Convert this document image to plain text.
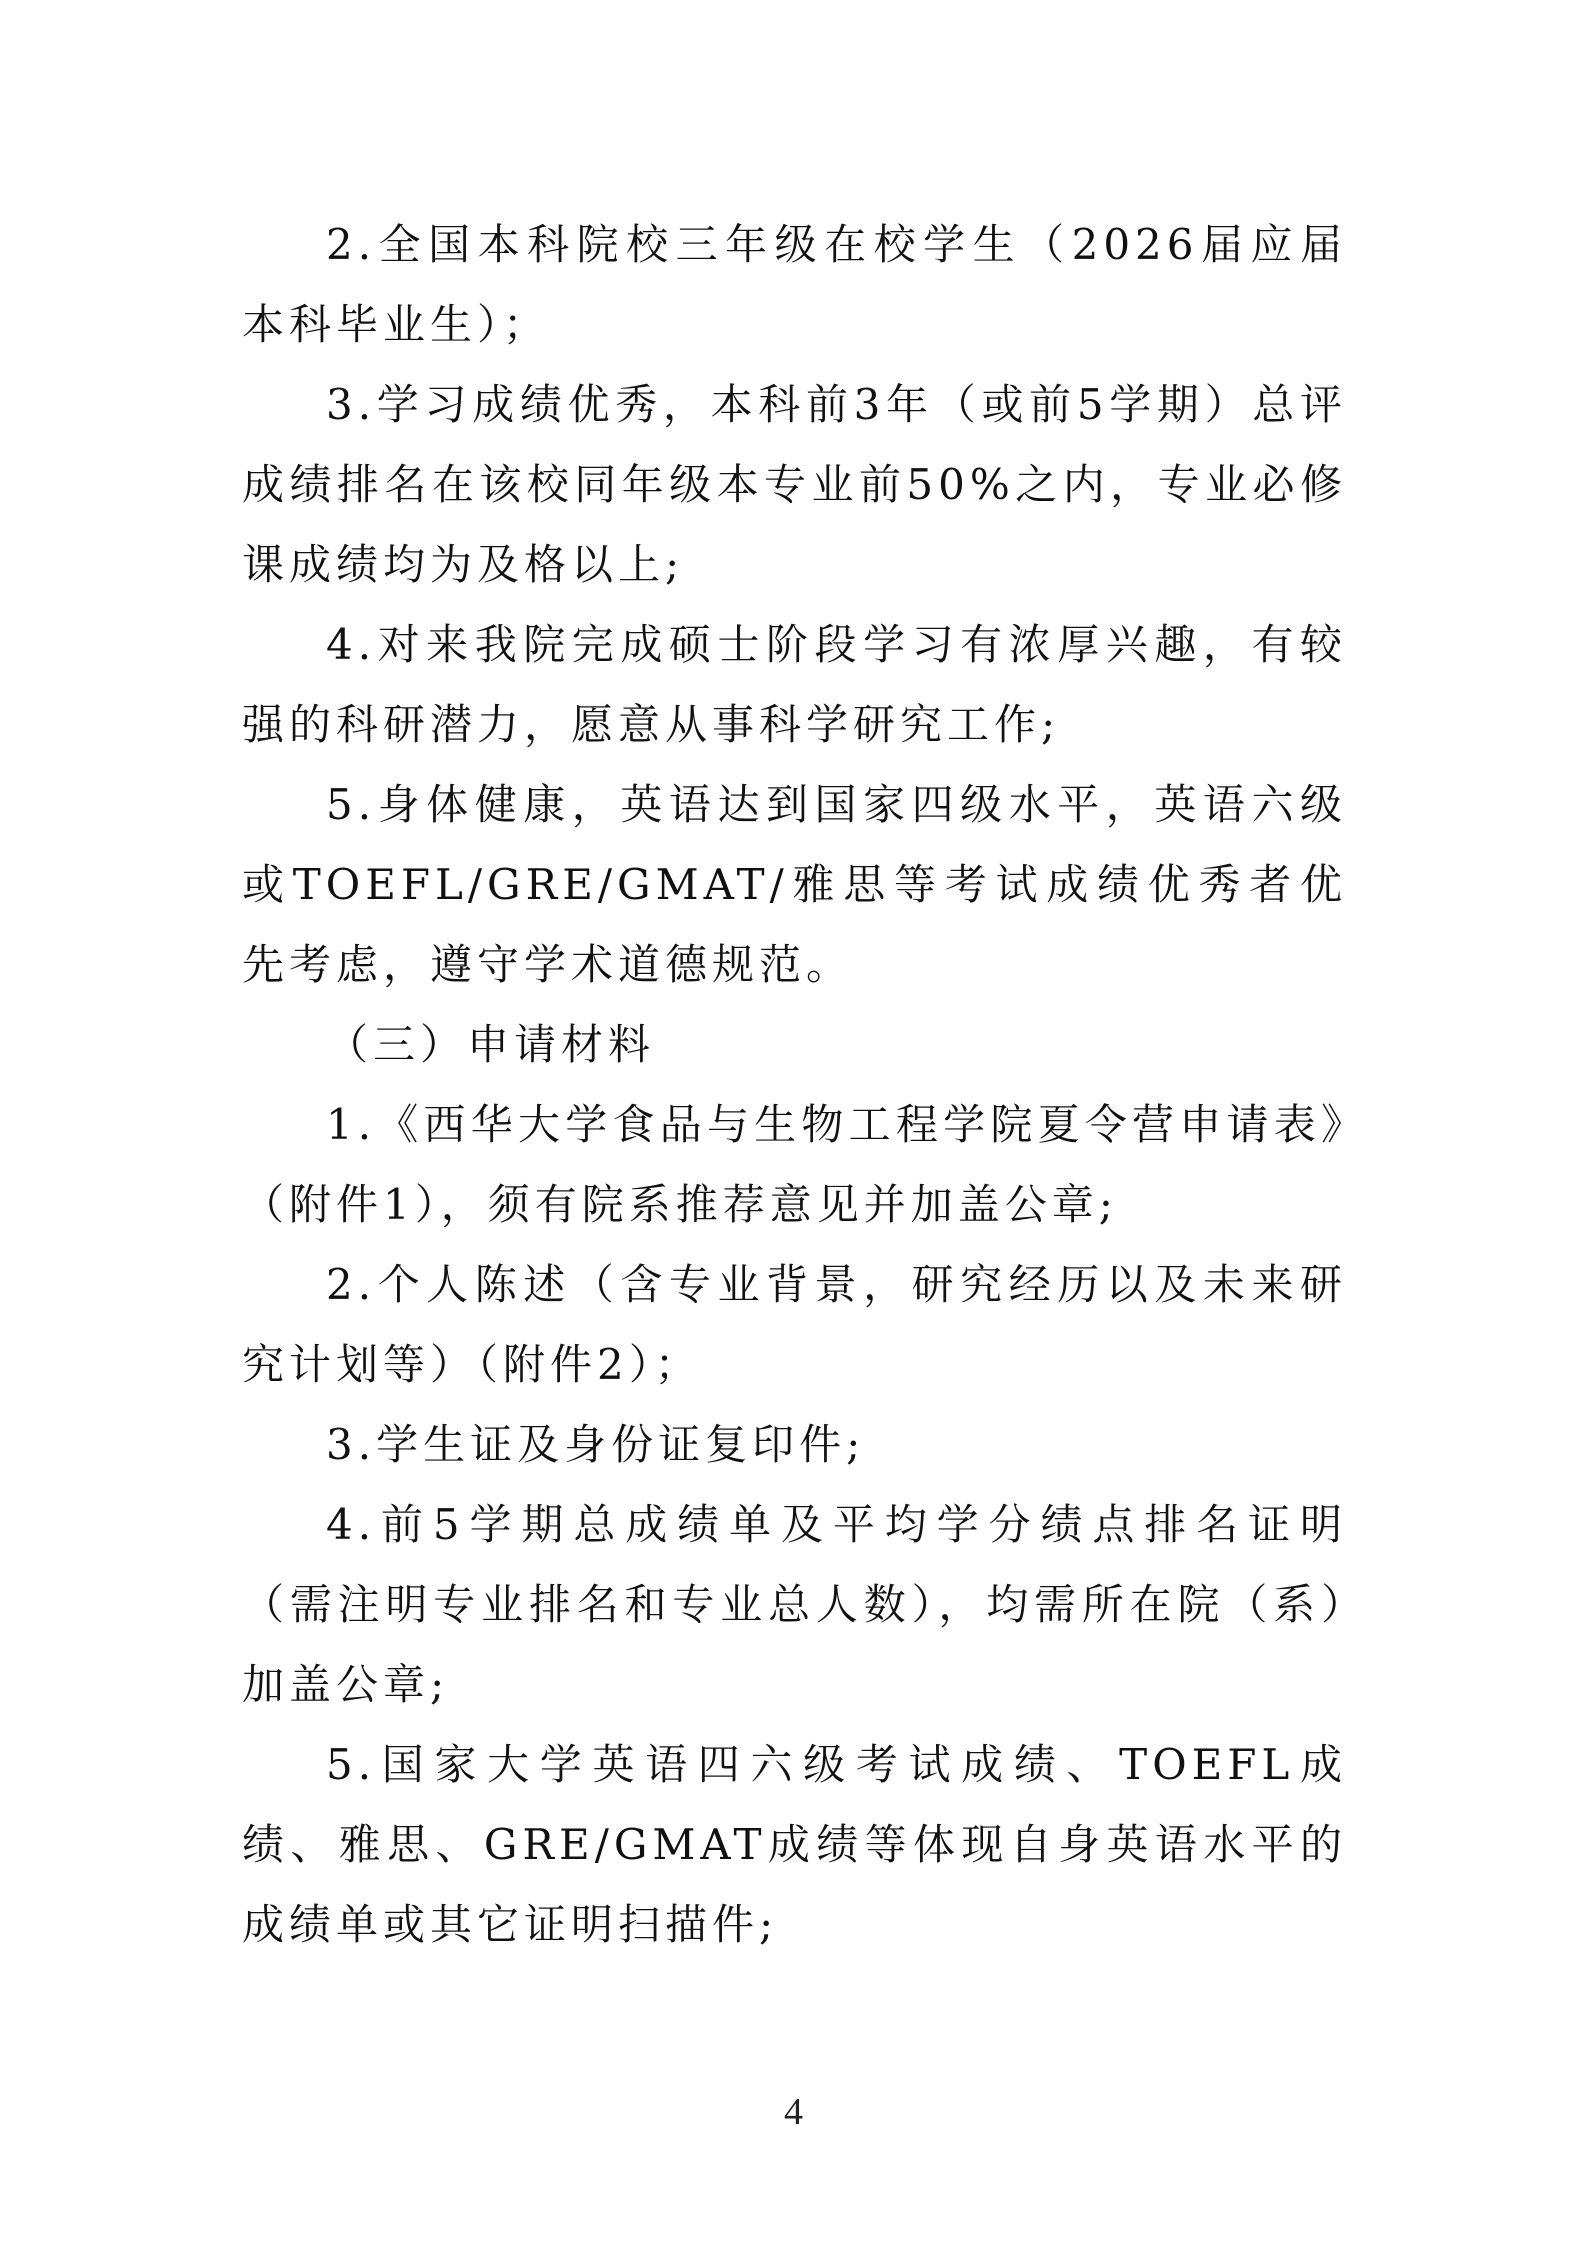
2.全国本科院校三年级在校学生（2026届应届本科毕业生）；

3.学习成绩优秀，本科前3年（或前5学期）总评成绩排名在该校同年级本专业前50%之内，专业必修课成绩均为及格以上;

4.对来我院完成硕士阶段学习有浓厚兴趣，有较强的科研潜力，愿意从事科学研究工作;

5.身体健康，英语达到国家四级水平，英语六级或TOEFL/GRE/GMAT/雅思等考试成绩优秀者优先考虑，遵守学术道德规范。

（三）申请材料

1.《西华大学食品与生物工程学院夏令营申请表》（附件1），须有院系推荐意见并加盖公章;

2.个人陈述（含专业背景，研究经历以及未来研究计划等）（附件2）；

3.学生证及身份证复印件;

4.前5学期总成绩单及平均学分绩点排名证明（需注明专业排名和专业总人数），均需所在院（系）加盖公章;

5.国家大学英语四六级考试成绩、TOEFL成绩、雅思、GRE/GMAT成绩等体现自身英语水平的成绩单或其它证明扫描件;

4
